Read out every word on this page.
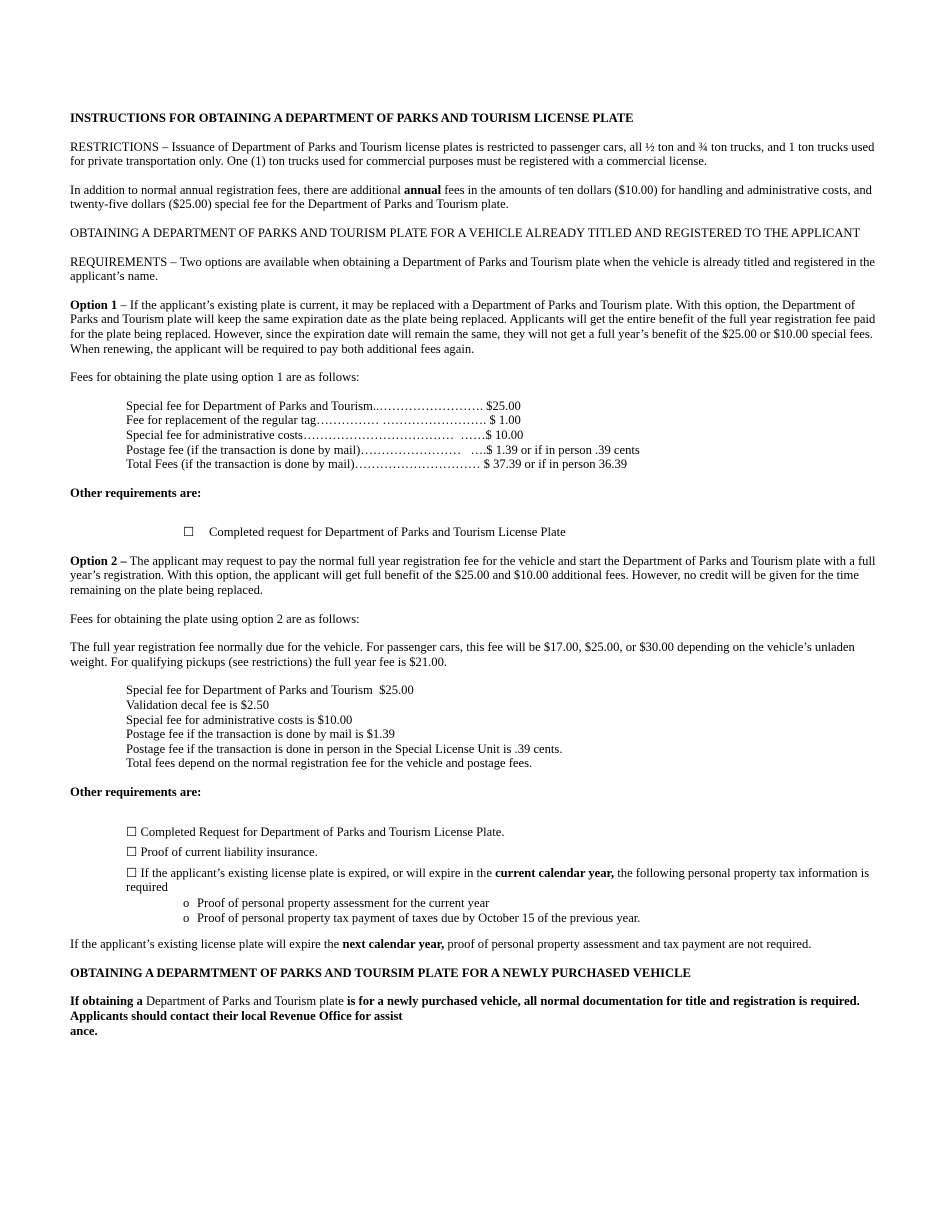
INSTRUCTIONS FOR OBTAINING A DEPARTMENT OF PARKS AND TOURISM LICENSE PLATE

RESTRICTIONS – Issuance of Department of Parks and Tourism license plates is restricted to passenger cars, all ½ ton and ¾ ton trucks, and 1 ton trucks used for private transportation only. One (1) ton trucks used for commercial purposes must be registered with a commercial license.

In addition to normal annual registration fees, there are additional annual fees in the amounts of ten dollars ($10.00) for handling and administrative costs, and twenty-five dollars ($25.00) special fee for the Department of Parks and Tourism plate.

OBTAINING A DEPARTMENT OF PARKS AND TOURISM PLATE FOR A VEHICLE ALREADY TITLED AND REGISTERED TO THE APPLICANT

REQUIREMENTS – Two options are available when obtaining a Department of Parks and Tourism plate when the vehicle is already titled and registered in the applicant’s name.

Option 1 – If the applicant’s existing plate is current, it may be replaced with a Department of Parks and Tourism plate. With this option, the Department of Parks and Tourism plate will keep the same expiration date as the plate being replaced. Applicants will get the entire benefit of the full year registration fee paid for the plate being replaced. However, since the expiration date will remain the same, they will not get a full year’s benefit of the $25.00 or $10.00 special fees. When renewing, the applicant will be required to pay both additional fees again.

Fees for obtaining the plate using option 1 are as follows:

Special fee for Department of Parks and Tourism..……………………. $25.00
Fee for replacement of the regular tag…………… ……………………. $ 1.00
Special fee for administrative costs………………………………  ……$ 10.00
Postage fee (if the transaction is done by mail)……………………   ….$ 1.39 or if in person .39 cents
Total Fees (if the transaction is done by mail)………………………… $ 37.39 or if in person 36.39

Other requirements are:

☐ Completed request for Department of Parks and Tourism License Plate

Option 2 – The applicant may request to pay the normal full year registration fee for the vehicle and start the Department of Parks and Tourism plate with a full year’s registration. With this option, the applicant will get full benefit of the $25.00 and $10.00 additional fees. However, no credit will be given for the time remaining on the plate being replaced.

Fees for obtaining the plate using option 2 are as follows:

The full year registration fee normally due for the vehicle. For passenger cars, this fee will be $17.00, $25.00, or $30.00 depending on the vehicle’s unladen weight. For qualifying pickups (see restrictions) the full year fee is $21.00.

Special fee for Department of Parks and Tourism  $25.00
Validation decal fee is $2.50
Special fee for administrative costs is $10.00
Postage fee if the transaction is done by mail is $1.39
Postage fee if the transaction is done in person in the Special License Unit is .39 cents.
Total fees depend on the normal registration fee for the vehicle and postage fees.

Other requirements are:

☐ Completed Request for Department of Parks and Tourism License Plate.
☐ Proof of current liability insurance.
☐ If the applicant’s existing license plate is expired, or will expire in the current calendar year, the following personal property tax information is required
o Proof of personal property assessment for the current year
o Proof of personal property tax payment of taxes due by October 15 of the previous year.

If the applicant’s existing license plate will expire the next calendar year, proof of personal property assessment and tax payment are not required.

OBTAINING A DEPARMTMENT OF PARKS AND TOURSIM PLATE FOR A NEWLY PURCHASED VEHICLE

If obtaining a Department of Parks and Tourism plate is for a newly purchased vehicle, all normal documentation for title and registration is required. Applicants should contact their local Revenue Office for assist
ance.
